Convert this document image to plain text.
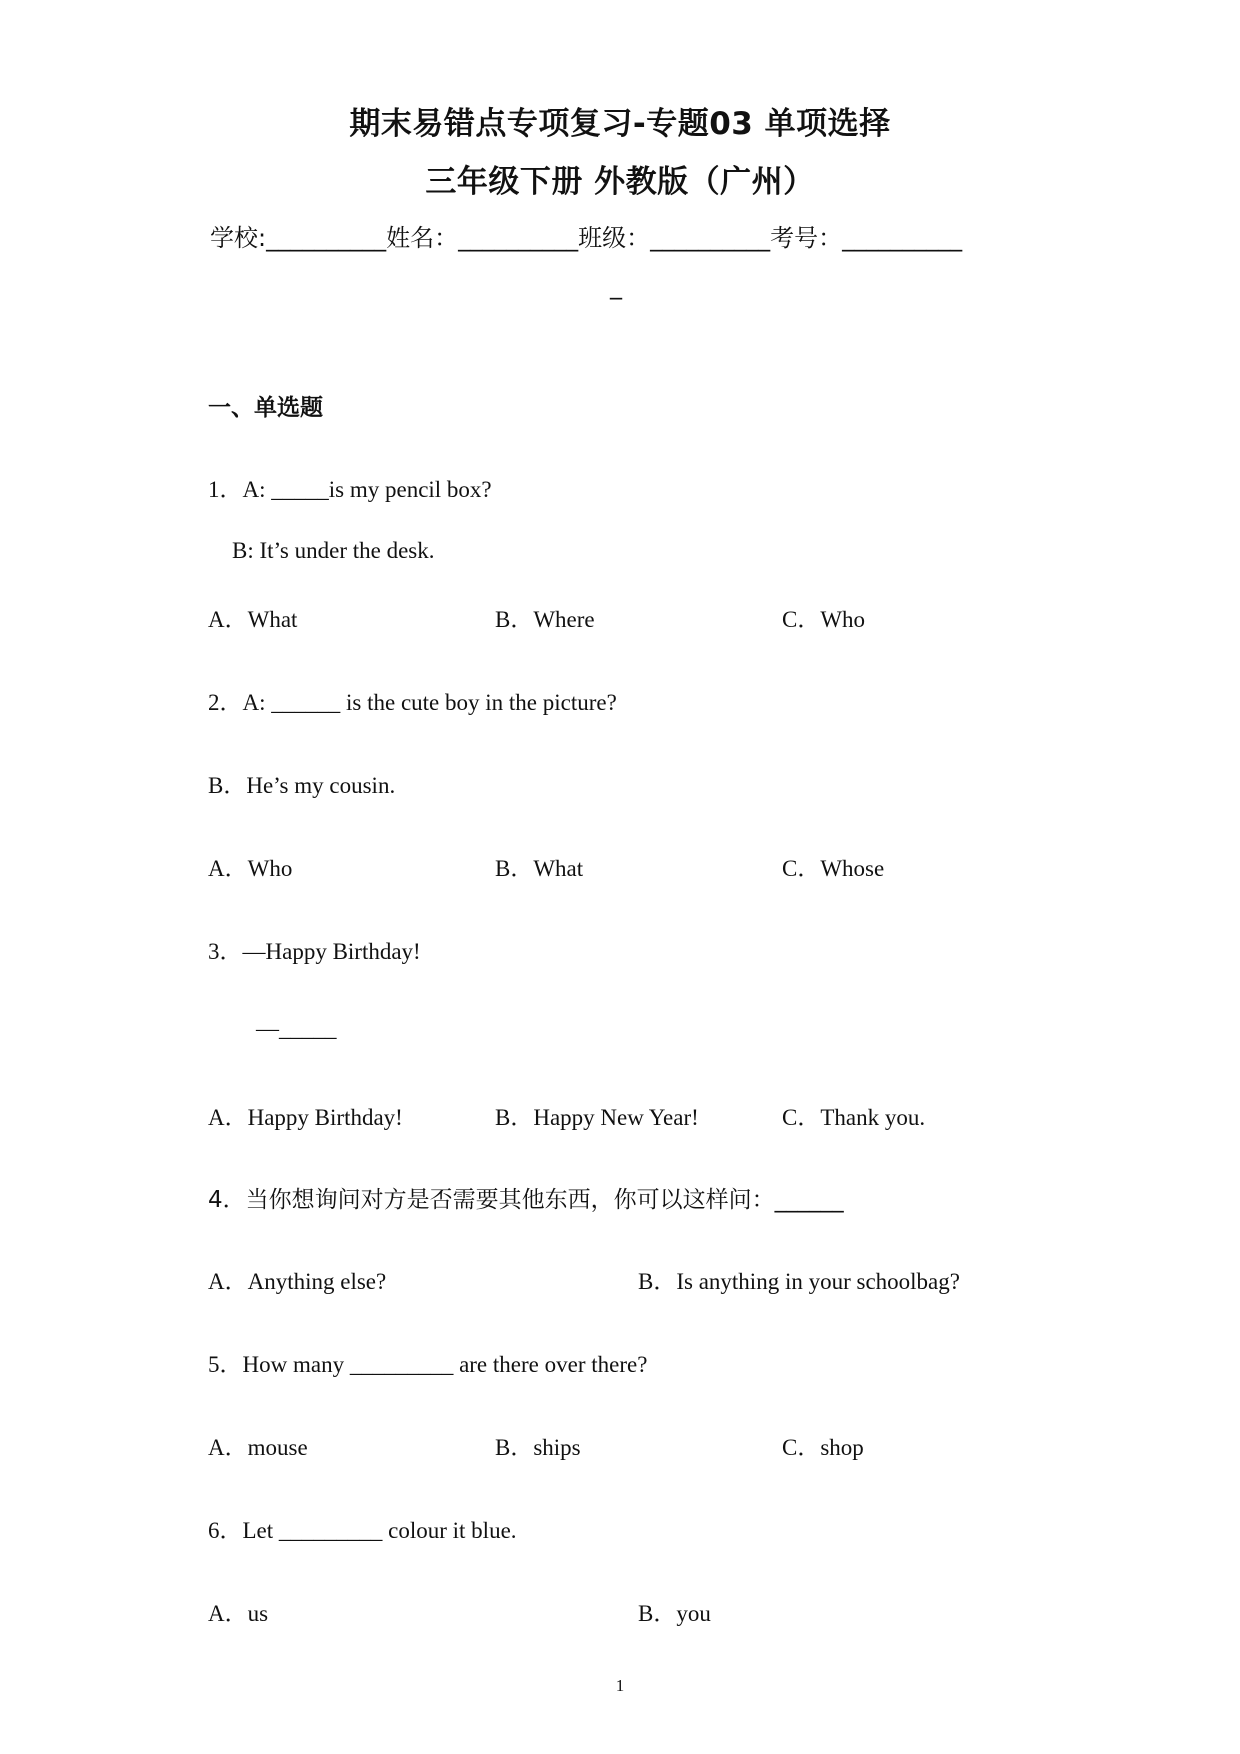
期末易错点专项复习-专题03 单项选择
三年级下册 外教版（广州）
学校:__________姓名：__________班级：__________考号：__________
_
一、单选题
1．A: _____is my pencil box?
B: It’s under the desk.
A．What	B．Where	C．Who
2．A: ______ is the cute boy in the picture?
B．He’s my cousin.
A．Who	B．What	C．Whose
3．—Happy Birthday!
—_____
A．Happy Birthday!	B．Happy New Year!	C．Thank you.
4．当你想询问对方是否需要其他东西，你可以这样问：______
A．Anything else?	B．Is anything in your schoolbag?
5．How many _________ are there over there?
A．mouse	B．ships	C．shop
6．Let _________ colour it blue.
A．us	B．you
1
